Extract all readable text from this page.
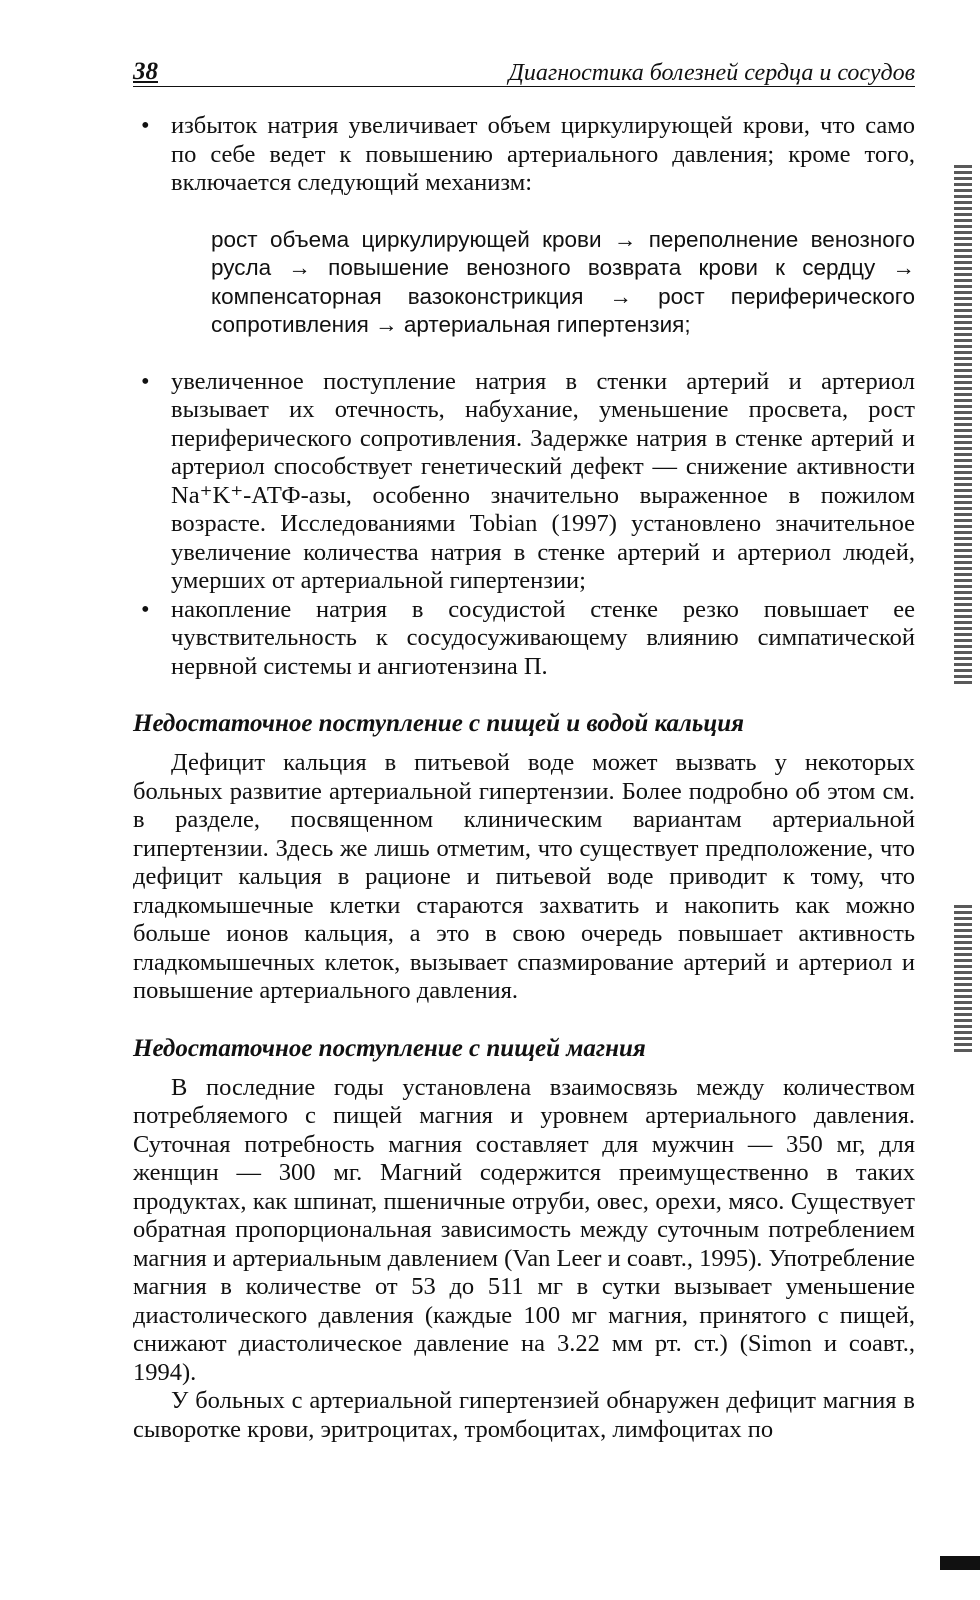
38	Диагностика болезней сердца и сосудов

• избыток натрия увеличивает объем циркулирующей крови, что само по себе ведет к повышению артериального давления; кроме того, включается следующий механизм:

рост объема циркулирующей крови → переполнение венозного русла → повышение венозного возврата крови к сердцу → компенсаторная вазоконстрикция → рост периферического сопротивления → артериальная гипертензия;

• увеличенное поступление натрия в стенки артерий и артериол вызывает их отечность, набухание, уменьшение просвета, рост периферического сопротивления. Задержке натрия в стенке артерий и артериол способствует генетический дефект — снижение активности Na⁺K⁺-АТФ-азы, особенно значительно выраженное в пожилом возрасте. Исследованиями Tobian (1997) установлено значительное увеличение количества натрия в стенке артерий и артериол людей, умерших от артериальной гипертензии;

• накопление натрия в сосудистой стенке резко повышает ее чувствительность к сосудосуживающему влиянию симпатической нервной системы и ангиотензина П.

Недостаточное поступление с пищей и водой кальция

Дефицит кальция в питьевой воде может вызвать у некоторых больных развитие артериальной гипертензии. Более подробно об этом см. в разделе, посвященном клиническим вариантам артериальной гипертензии. Здесь же лишь отметим, что существует предположение, что дефицит кальция в рационе и питьевой воде приводит к тому, что гладкомышечные клетки стараются захватить и накопить как можно больше ионов кальция, а это в свою очередь повышает активность гладкомышечных клеток, вызывает спазмирование артерий и артериол и повышение артериального давления.

Недостаточное поступление с пищей магния

В последние годы установлена взаимосвязь между количеством потребляемого с пищей магния и уровнем артериального давления. Суточная потребность магния составляет для мужчин — 350 мг, для женщин — 300 мг. Магний содержится преимущественно в таких продуктах, как шпинат, пшеничные отруби, овес, орехи, мясо. Существует обратная пропорциональная зависимость между суточным потреблением магния и артериальным давлением (Van Leer и соавт., 1995). Употребление магния в количестве от 53 до 511 мг в сутки вызывает уменьшение диастолического давления (каждые 100 мг магния, принятого с пищей, снижают диастолическое давление на 3.22 мм рт. ст.) (Simon и соавт., 1994).

У больных с артериальной гипертензией обнаружен дефицит магния в сыворотке крови, эритроцитах, тромбоцитах, лимфоцитах по
